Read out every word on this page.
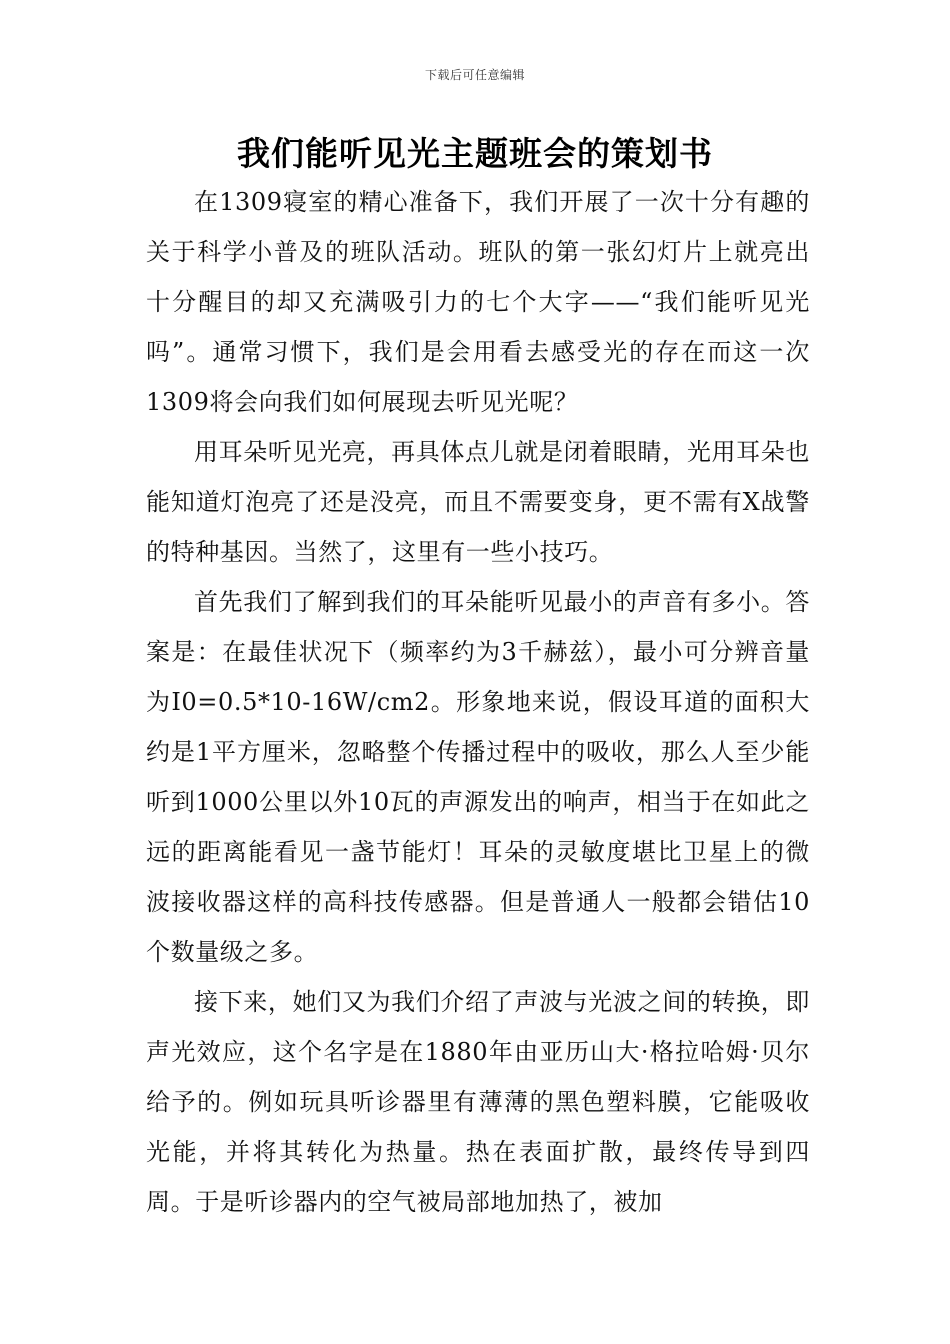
下载后可任意编辑
我们能听见光主题班会的策划书

在1309寝室的精心准备下，我们开展了一次十分有趣的关于科学小普及的班队活动。班队的第一张幻灯片上就亮出十分醒目的却又充满吸引力的七个大字——“我们能听见光吗”。通常习惯下，我们是会用看去感受光的存在而这一次1309将会向我们如何展现去听见光呢？

用耳朵听见光亮，再具体点儿就是闭着眼睛，光用耳朵也能知道灯泡亮了还是没亮，而且不需要变身，更不需有X战警的特种基因。当然了，这里有一些小技巧。

首先我们了解到我们的耳朵能听见最小的声音有多小。答案是：在最佳状况下（频率约为3千赫兹），最小可分辨音量为I0=0.5*10-16W/cm2。形象地来说，假设耳道的面积大约是1平方厘米，忽略整个传播过程中的吸收，那么人至少能听到1000公里以外10瓦的声源发出的响声，相当于在如此之远的距离能看见一盏节能灯！耳朵的灵敏度堪比卫星上的微波接收器这样的高科技传感器。但是普通人一般都会错估10个数量级之多。

接下来，她们又为我们介绍了声波与光波之间的转换，即声光效应，这个名字是在1880年由亚历山大·格拉哈姆·贝尔给予的。例如玩具听诊器里有薄薄的黑色塑料膜，它能吸收光能，并将其转化为热量。热在表面扩散，最终传导到四周。于是听诊器内的空气被局部地加热了，被加
